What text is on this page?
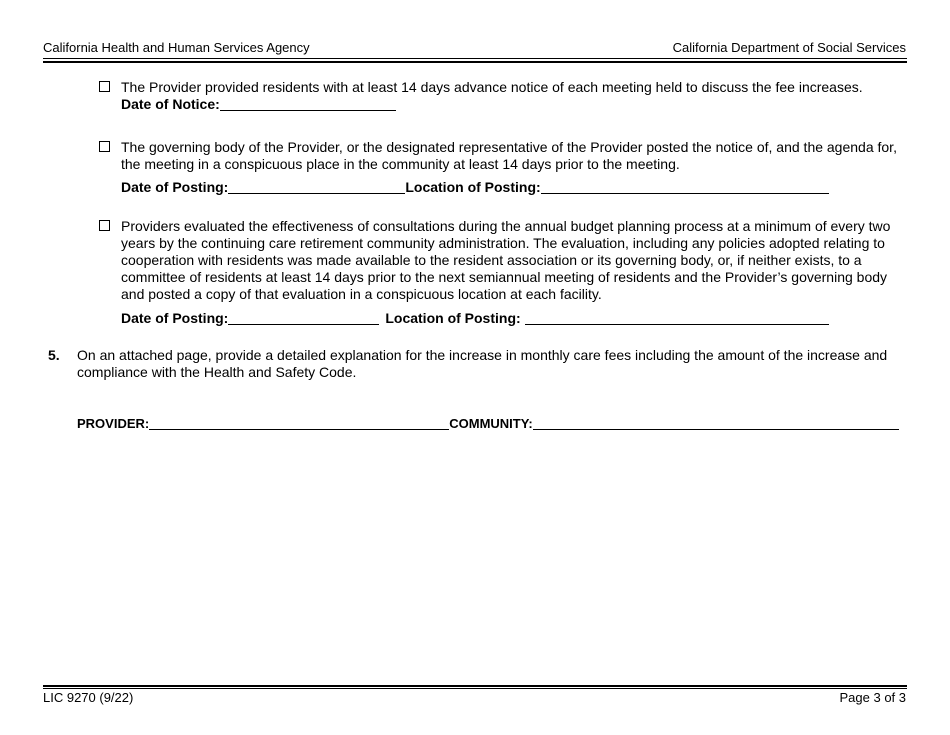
California Health and Human Services Agency	California Department of Social Services
The Provider provided residents with at least 14 days advance notice of each meeting held to discuss the fee increases.
Date of Notice:
The governing body of the Provider, or the designated representative of the Provider posted the notice of, and the agenda for, the meeting in a conspicuous place in the community at least 14 days prior to the meeting.
Date of Posting:	Location of Posting:
Providers evaluated the effectiveness of consultations during the annual budget planning process at a minimum of every two years by the continuing care retirement community administration. The evaluation, including any policies adopted relating to cooperation with residents was made available to the resident association or its governing body, or, if neither exists, to a committee of residents at least 14 days prior to the next semiannual meeting of residents and the Provider’s governing body and posted a copy of that evaluation in a conspicuous location at each facility.
Date of Posting:	Location of Posting:
5. On an attached page, provide a detailed explanation for the increase in monthly care fees including the amount of the increase and compliance with the Health and Safety Code.
PROVIDER:	COMMUNITY:
LIC 9270 (9/22)	Page 3 of 3
